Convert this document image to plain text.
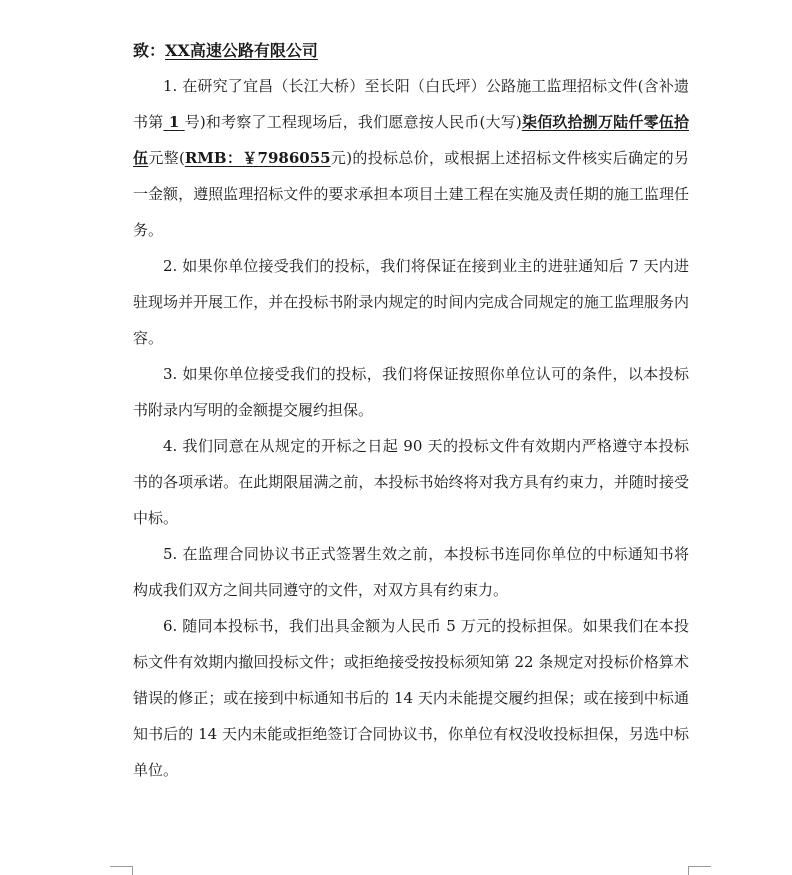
致：XX高速公路有限公司

1. 在研究了宜昌（长江大桥）至长阳（白氏坪）公路施工监理招标文件(含补遗书第 1 号)和考察了工程现场后，我们愿意按人民币(大写)柒佰玖拾捌万陆仟零伍拾伍元整(RMB：￥7986055元)的投标总价，或根据上述招标文件核实后确定的另一金额，遵照监理招标文件的要求承担本项目土建工程在实施及责任期的施工监理任务。

2. 如果你单位接受我们的投标，我们将保证在接到业主的进驻通知后 7 天内进驻现场并开展工作，并在投标书附录内规定的时间内完成合同规定的施工监理服务内容。

3. 如果你单位接受我们的投标，我们将保证按照你单位认可的条件，以本投标书附录内写明的金额提交履约担保。

4. 我们同意在从规定的开标之日起 90 天的投标文件有效期内严格遵守本投标书的各项承诺。在此期限届满之前，本投标书始终将对我方具有约束力，并随时接受中标。

5. 在监理合同协议书正式签署生效之前，本投标书连同你单位的中标通知书将构成我们双方之间共同遵守的文件，对双方具有约束力。

6. 随同本投标书，我们出具金额为人民币 5 万元的投标担保。如果我们在本投标文件有效期内撤回投标文件；或拒绝接受按投标须知第 22 条规定对投标价格算术错误的修正；或在接到中标通知书后的 14 天内未能提交履约担保；或在接到中标通知书后的 14 天内未能或拒绝签订合同协议书，你单位有权没收投标担保，另选中标单位。
